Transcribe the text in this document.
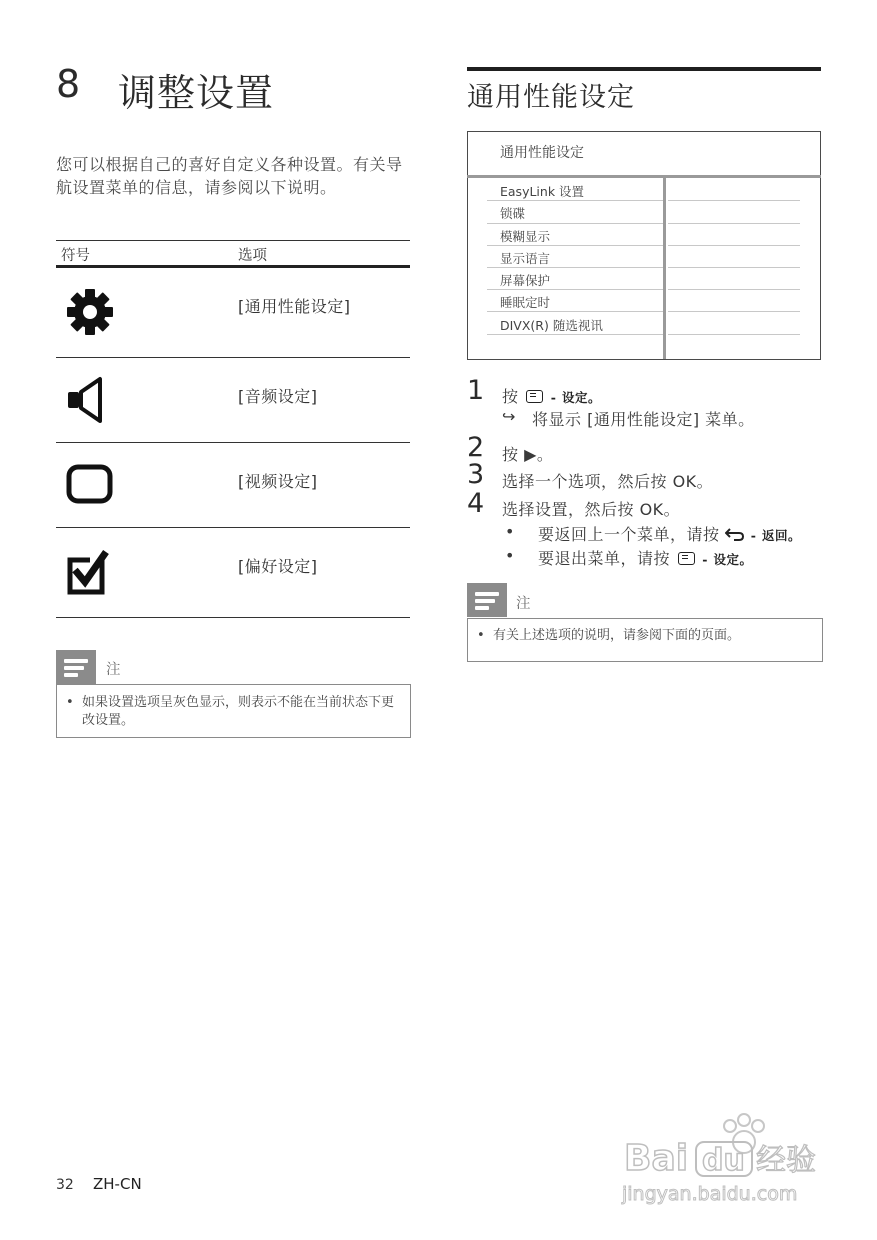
8 调整设置
您可以根据自己的喜好自定义各种设置。有关导航设置菜单的信息，请参阅以下说明。
符号	选项
[通用性能设定]
[音频设定]
[视频设定]
[偏好设定]
注
• 如果设置选项呈灰色显示，则表示不能在当前状态下更改设置。
通用性能设定
通用性能设定
EasyLink 设置
锁碟
模糊显示
显示语言
屏幕保护
睡眠定时
DIVX(R) 随选视讯
1 按	- 设定。
↪ 将显示 [通用性能设定] 菜单。
2 按 ▶。
3 选择一个选项，然后按 OK。
4 选择设置，然后按 OK。
• 要返回上一个菜单，请按 - 返回。
• 要退出菜单，请按	- 设定。
注
• 有关上述选项的说明，请参阅下面的页面。
32 ZH-CN
Bai du 经验
jingyan.baidu.com
